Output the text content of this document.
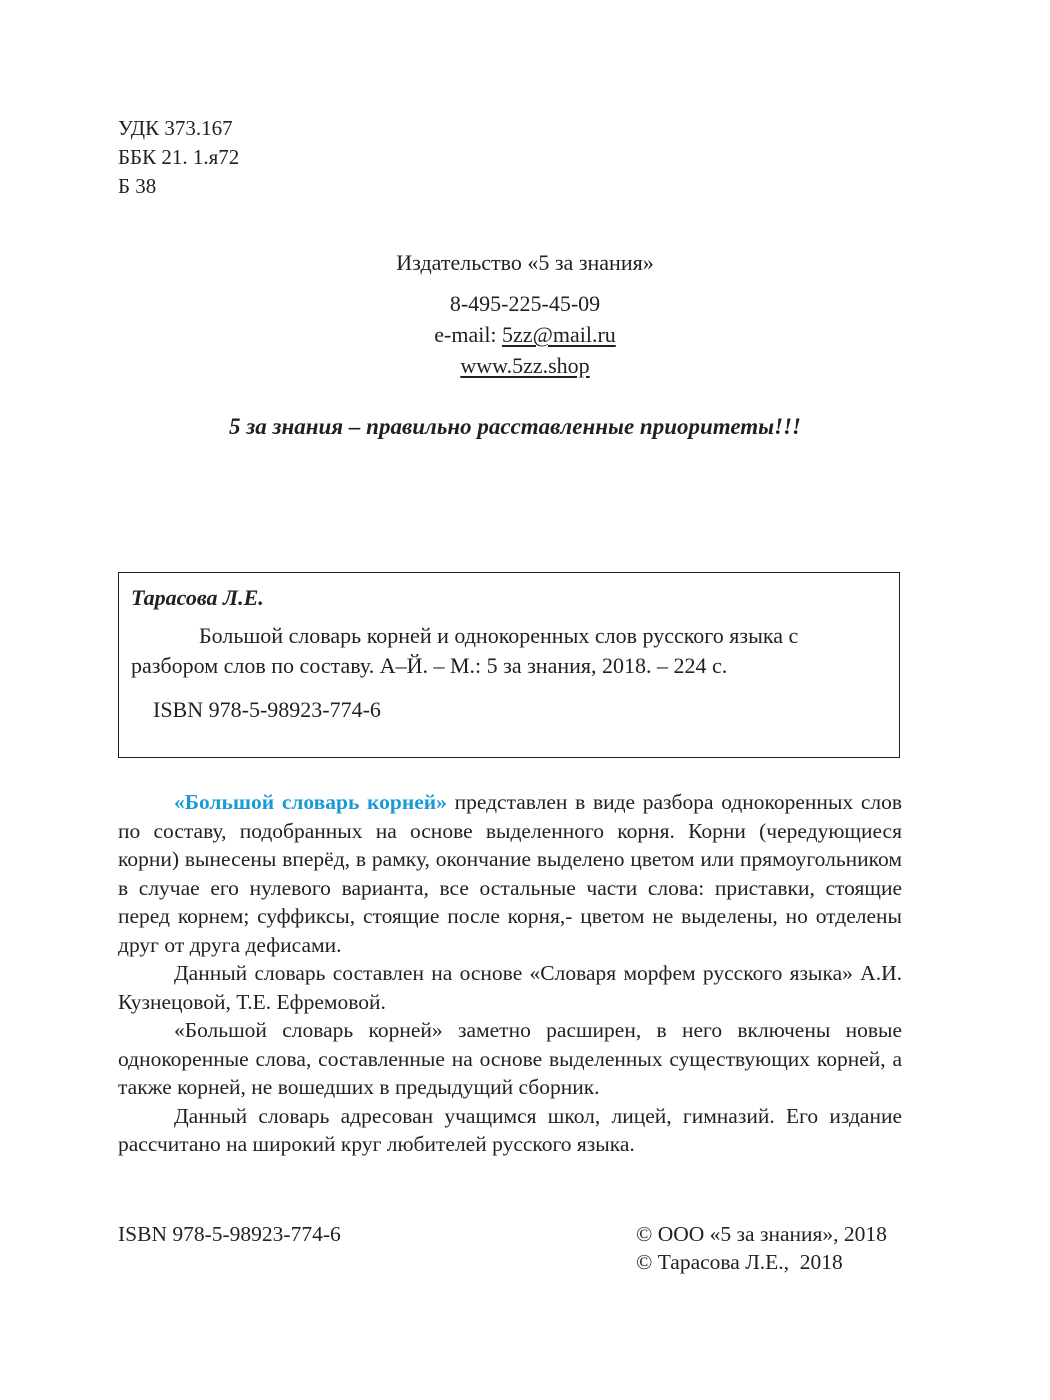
УДК 373.167
ББК 21. 1.я72
Б 38
Издательство «5 за знания»
8-495-225-45-09
e-mail: 5zz@mail.ru
www.5zz.shop
5 за знания – правильно расставленные приоритеты!!!
Тарасова Л.Е.
Большой словарь корней и однокоренных слов русского языка с разбором слов по составу. А–Й. – М.: 5 за знания, 2018. – 224 с.
ISBN 978-5-98923-774-6

«Большой словарь корней» представлен в виде разбора однокоренных слов по составу, подобранных на основе выделенного корня. Корни (чередующиеся корни) вынесены вперёд, в рамку, окончание выделено цветом или прямоугольником в случае его нулевого варианта, все остальные части слова: приставки, стоящие перед корнем; суффиксы, стоящие после корня,- цветом не выделены, но отделены друг от друга дефисами.

Данный словарь составлен на основе «Словаря морфем русского языка» А.И. Кузнецовой, Т.Е. Ефремовой.

«Большой словарь корней» заметно расширен, в него включены новые однокоренные слова, составленные на основе выделенных существующих корней, а также корней, не вошедших в предыдущий сборник.

Данный словарь адресован учащимся школ, лицей, гимназий. Его издание рассчитано на широкий круг любителей русского языка.

ISBN 978-5-98923-774-6	© ООО «5 за знания», 2018
© Тарасова Л.Е.,  2018
